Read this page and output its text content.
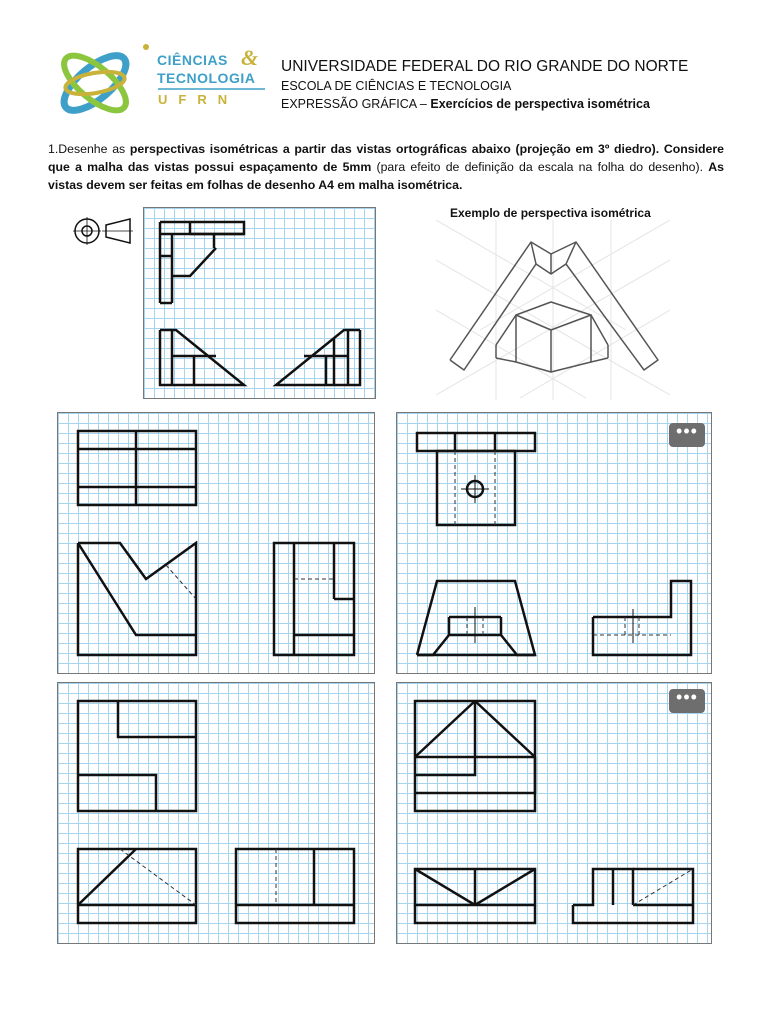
CIÊNCIAS &
TECNOLOGIA
UFRN
UNIVERSIDADE FEDERAL DO RIO GRANDE DO NORTE
ESCOLA DE CIÊNCIAS E TECNOLOGIA
EXPRESSÃO GRÁFICA – Exercícios de perspectiva isométrica
1.Desenhe as perspectivas isométricas a partir das vistas ortográficas abaixo (projeção em 3º diedro). Considere que a malha das vistas possui espaçamento de 5mm (para efeito de definição da escala na folha do desenho). As vistas devem ser feitas em folhas de desenho A4 em malha isométrica.
Exemplo de perspectiva isométrica
•••
•••
